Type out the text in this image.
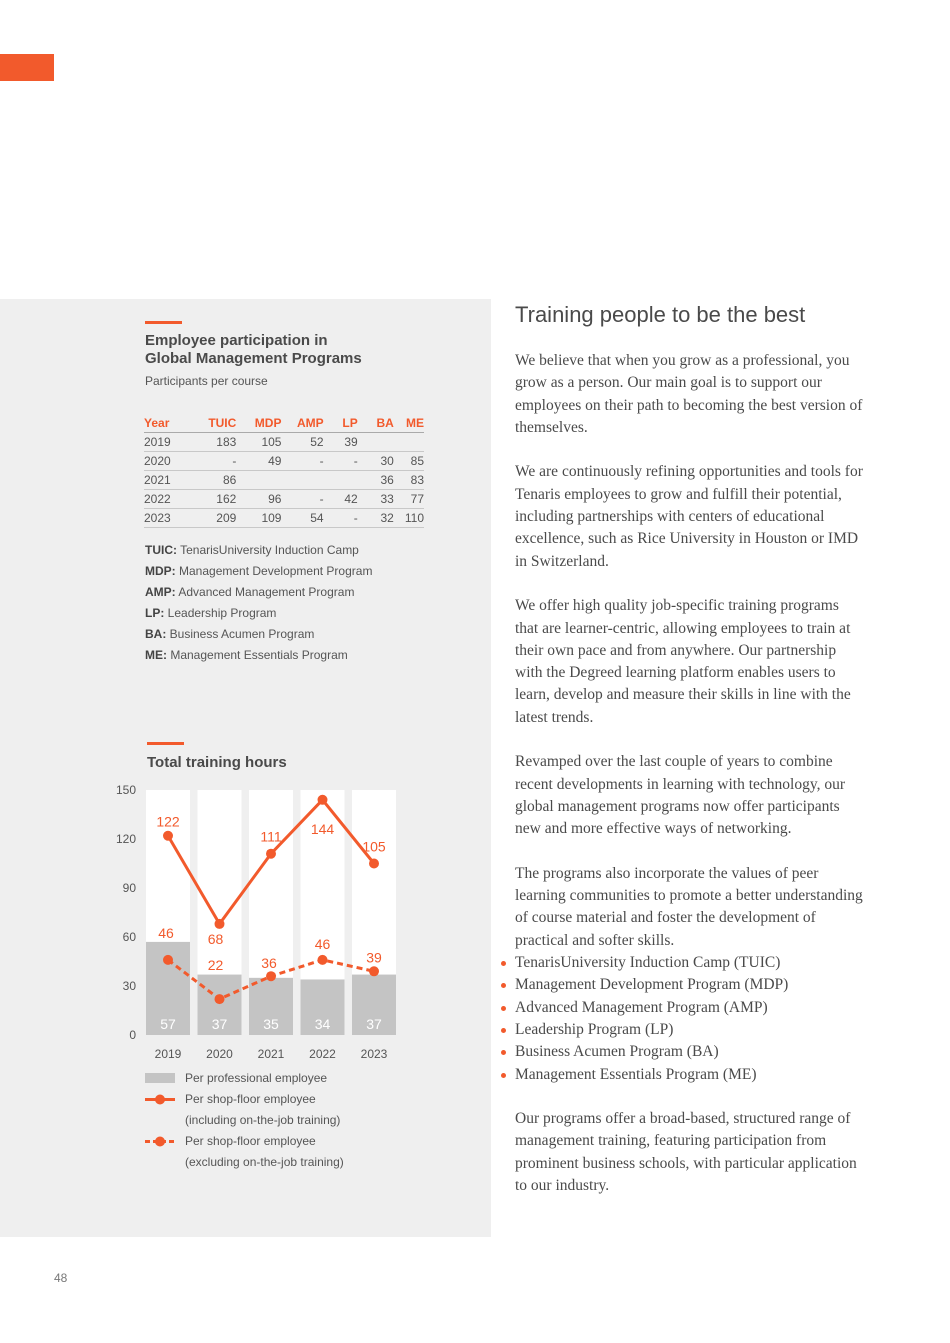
Employee participation in
Global Management Programs
Participants per course
Year	TUIC	MDP	AMP	LP	BA	ME
2019	183	105	52	39		
2020	-	49	-	-	30	85
2021	86				36	83
2022	162	96	-	42	33	77
2023	209	109	54	-	32	110
TUIC: TenarisUniversity Induction Camp
MDP: Management Development Program
AMP: Advanced Management Program
LP: Leadership Program
BA: Business Acumen Program
ME: Management Essentials Program
Total training hours
0
30
60
90
120
150
57	37	35	34	37
2019 2020 2021 2022 2023
122
68
111 144
105
46
22	36
46
39
Per professional employee
Per shop-floor employee
(including on-the-job training)
Per shop-floor employee
(excluding on-the-job training)
Training people to be the best

We believe that when you grow as a professional, you grow as a person. Our main goal is to support our employees on their path to becoming the best version of themselves.

We are continuously refining opportunities and tools for Tenaris employees to grow and fulfill their potential, including partnerships with centers of educational excellence, such as Rice University in Houston or IMD in Switzerland.

We offer high quality job-specific training programs that are learner-centric, allowing employees to train at their own pace and from anywhere. Our partnership with the Degreed learning platform enables users to learn, develop and measure their skills in line with the latest trends.

Revamped over the last couple of years to combine recent developments in learning with technology, our global management programs now offer participants new and more effective ways of networking.

The programs also incorporate the values of peer learning communities to promote a better understanding of course material and foster the development of practical and softer skills.

TenarisUniversity Induction Camp (TUIC)
Management Development Program (MDP)
Advanced Management Program (AMP)
Leadership Program (LP)
Business Acumen Program (BA)
Management Essentials Program (ME)

Our programs offer a broad-based, structured range of management training, featuring participation from prominent business schools, with particular application to our industry.

48
